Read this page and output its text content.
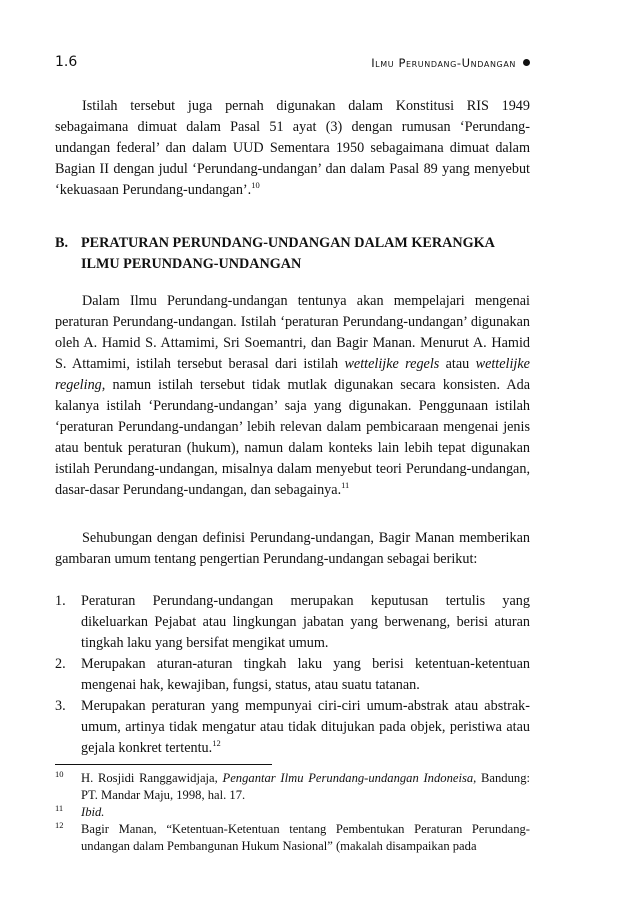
1.6	Ilmu Perundang-Undangan

Istilah tersebut juga pernah digunakan dalam Konstitusi RIS 1949 sebagaimana dimuat dalam Pasal 51 ayat (3) dengan rumusan ‘Perundang-undangan federal’ dan dalam UUD Sementara 1950 sebagaimana dimuat dalam Bagian II dengan judul ‘Perundang-undangan’ dan dalam Pasal 89 yang menyebut ‘kekuasaan Perundang-undangan’.$^{10}$

B. PERATURAN PERUNDANG-UNDANGAN DALAM KERANGKA
ILMU PERUNDANG-UNDANGAN

Dalam Ilmu Perundang-undangan tentunya akan mempelajari mengenai peraturan Perundang-undangan. Istilah ‘peraturan Perundang-undangan’ digunakan oleh A. Hamid S. Attamimi, Sri Soemantri, dan Bagir Manan. Menurut A. Hamid S. Attamimi, istilah tersebut berasal dari istilah wettelijke regels atau wettelijke regeling, namun istilah tersebut tidak mutlak digunakan secara konsisten. Ada kalanya istilah ‘Perundang-undangan’ saja yang digunakan. Penggunaan istilah ‘peraturan Perundang-undangan’ lebih relevan dalam pembicaraan mengenai jenis atau bentuk peraturan (hukum), namun dalam konteks lain lebih tepat digunakan istilah Perundang-undangan, misalnya dalam menyebut teori Perundang-undangan, dasar-dasar Perundang-undangan, dan sebagainya.$^{11}$

Sehubungan dengan definisi Perundang-undangan, Bagir Manan memberikan gambaran umum tentang pengertian Perundang-undangan sebagai berikut:

1. Peraturan Perundang-undangan merupakan keputusan tertulis yang dikeluarkan Pejabat atau lingkungan jabatan yang berwenang, berisi aturan tingkah laku yang bersifat mengikat umum.
2. Merupakan aturan-aturan tingkah laku yang berisi ketentuan-ketentuan mengenai hak, kewajiban, fungsi, status, atau suatu tatanan.
3. Merupakan peraturan yang mempunyai ciri-ciri umum-abstrak atau abstrak-umum, artinya tidak mengatur atau tidak ditujukan pada objek, peristiwa atau gejala konkret tertentu.$^{12}$
10 H. Rosjidi Ranggawidjaja, Pengantar Ilmu Perundang-undangan Indoneisa, Bandung: PT. Mandar Maju, 1998, hal. 17.
11 Ibid.
12 Bagir Manan, “Ketentuan-Ketentuan tentang Pembentukan Peraturan Perundang-undangan dalam Pembangunan Hukum Nasional” (makalah disampaikan pada
